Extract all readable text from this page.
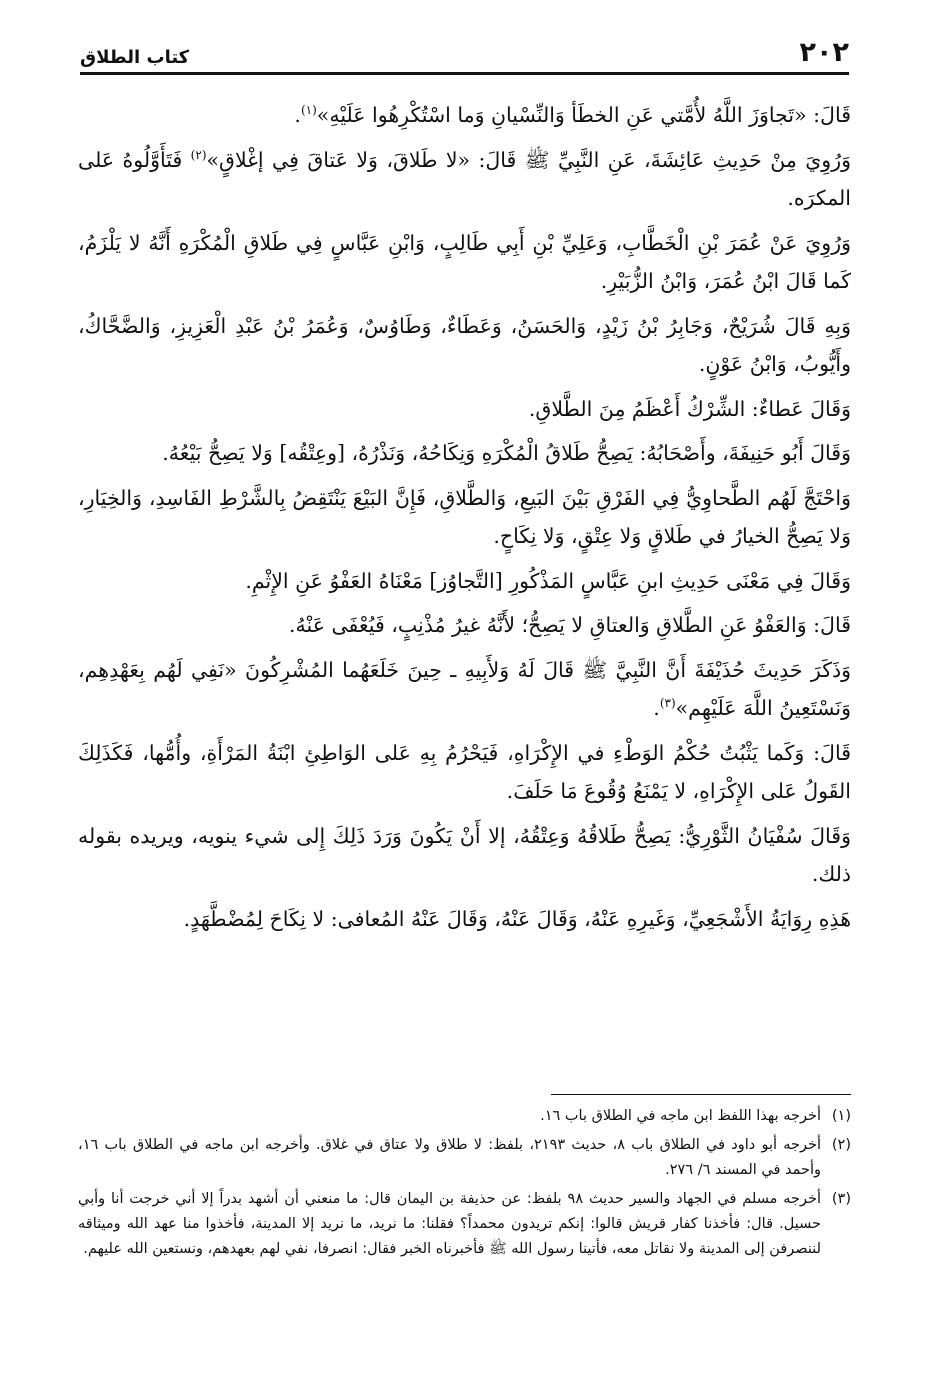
٢٠٢
كتاب الطلاق

قَالَ: «تَجاوَزَ اللَّهُ لأُمَّتي عَنِ الخطَأ وَالنِّسْيانِ وَما اسْتُكْرِهُوا عَلَيْهِ»$^{(١)}$.

وَرُوِيَ مِنْ حَدِيثِ عَائِشَةَ، عَنِ النَّبِيِّ ﷺ قَالَ: «لا طَلاقَ، وَلا عَتاقَ فِي إغْلاقٍ»$^{(٢)}$ فَتَأَوَّلُوهُ عَلى المكرَه.

وَرُوِيَ عَنْ عُمَرَ بْنِ الْخَطَّابِ، وَعَلِيِّ بْنِ أَبِي طَالِبٍ، وَابْنِ عَبَّاسٍ فِي طَلاقِ الْمُكْرَهِ أَنَّهُ لا يَلْزَمُ، كَما قَالَ ابْنُ عُمَرَ، وَابْنُ الزُّبَيْرِ.

وَبِهِ قَالَ شُرَيْحٌ، وَجَابِرُ بْنُ زَيْدٍ، وَالحَسَنُ، وَعَطَاءٌ، وَطَاوُسٌ، وَعُمَرُ بْنُ عَبْدِ الْعَزِيزِ، وَالضَّحَّاكُ، وأَيُّوبُ، وَابْنُ عَوْنٍ.

وَقَالَ عَطاءٌ: الشِّرْكُ أَعْظَمُ مِنَ الطَّلاقِ.

وَقَالَ أَبُو حَنِيفَةَ، وأَصْحَابُهُ: يَصِحُّ طَلاقُ الْمُكْرَهِ وَنِكَاحُهُ، وَنَذْرُهُ، [وعِتْقُه] وَلا يَصِحُّ بَيْعُهُ.

وَاحْتَجَّ لَهُم الطَّحاوِيُّ فِي الفَرْقِ بَيْنَ البَيعِ، وَالطَّلاقِ، فَإِنَّ البَيْعَ يَنْتَقِضُ بِالشَّرْطِ الفَاسِدِ، وَالخِيَارِ، وَلا يَصِحُّ الخيارُ في طَلاقٍ وَلا عِتْقٍ، وَلا نِكَاحٍ.

وَقَالَ فِي مَعْنَى حَدِيثِ ابنِ عَبَّاسٍ المَذْكُورِ [التَّجاوُز] مَعْنَاهُ العَفْوُ عَنِ الإِثْمِ.

قَالَ: وَالعَفْوُ عَنِ الطَّلاقِ وَالعتاقِ لا يَصِحُّ؛ لأَنَّهُ غيرُ مُذْنِبٍ، فَيُعْفَى عَنْهُ.

وَذَكَرَ حَدِيثَ حُذَيْفَةَ أَنَّ النَّبِيَّ ﷺ قَالَ لَهُ وَلأَبِيهِ ـ حِينَ خَلَعَهُما المُشْرِكُونَ «نَفِي لَهُم بِعَهْدِهِم، وَنَسْتَعِينُ اللَّهَ عَلَيْهِم»$^{(٣)}$.

قَالَ: وَكَما يَثْبُتُ حُكْمُ الوَطْءِ في الإِكْرَاهِ، فَيَحْرُمُ بِهِ عَلى الوَاطِئِ ابْنَةُ المَرْأَةِ، وأُمُّها، فَكَذَلِكَ القَولُ عَلى الإِكْرَاهِ، لا يَمْنَعُ وُقُوعَ مَا حَلَفَ.

وَقَالَ سُفْيَانُ الثَّوْرِيُّ: يَصِحُّ طَلاقُهُ وَعِتْقُهُ، إلا أَنْ يَكُونَ وَرَدَ ذَلِكَ إِلى شيء ينويه، ويريده بقوله ذلك.

هَذِهِ رِوَايَةُ الأَشْجَعِيِّ، وَغَيرِهِ عَنْهُ، وَقَالَ عَنْهُ، وَقَالَ عَنْهُ المُعافى: لا نِكَاحَ لِمُضْطَّهَدٍ.

(١)
أخرجه بهذا اللفظ ابن ماجه في الطلاق باب ١٦.
(٢)
أخرجه أبو داود في الطلاق باب ٨، حديث ٢١٩٣، بلفظ: لا طلاق ولا عتاق في غلاق. وأخرجه ابن ماجه في الطلاق باب ١٦، وأحمد في المسند ٦/ ٢٧٦.
(٣)
أخرجه مسلم في الجهاد والسير حديث ٩٨ بلفظ: عن حذيفة بن اليمان قال: ما منعني أن أشهد بدراً إلا أني خرجت أنا وأبي حسيل. قال: فأخذنا كفار قريش قالوا: إنكم تريدون محمداً؟ فقلنا: ما نريد، ما نريد إلا المدينة، فأخذوا منا عهد الله وميثاقه لننصرفن إلى المدينة ولا نقاتل معه، فأتينا رسول الله ﷺ فأخبرناه الخبر فقال: انصرفا، نفي لهم بعهدهم، ونستعين الله عليهم.
